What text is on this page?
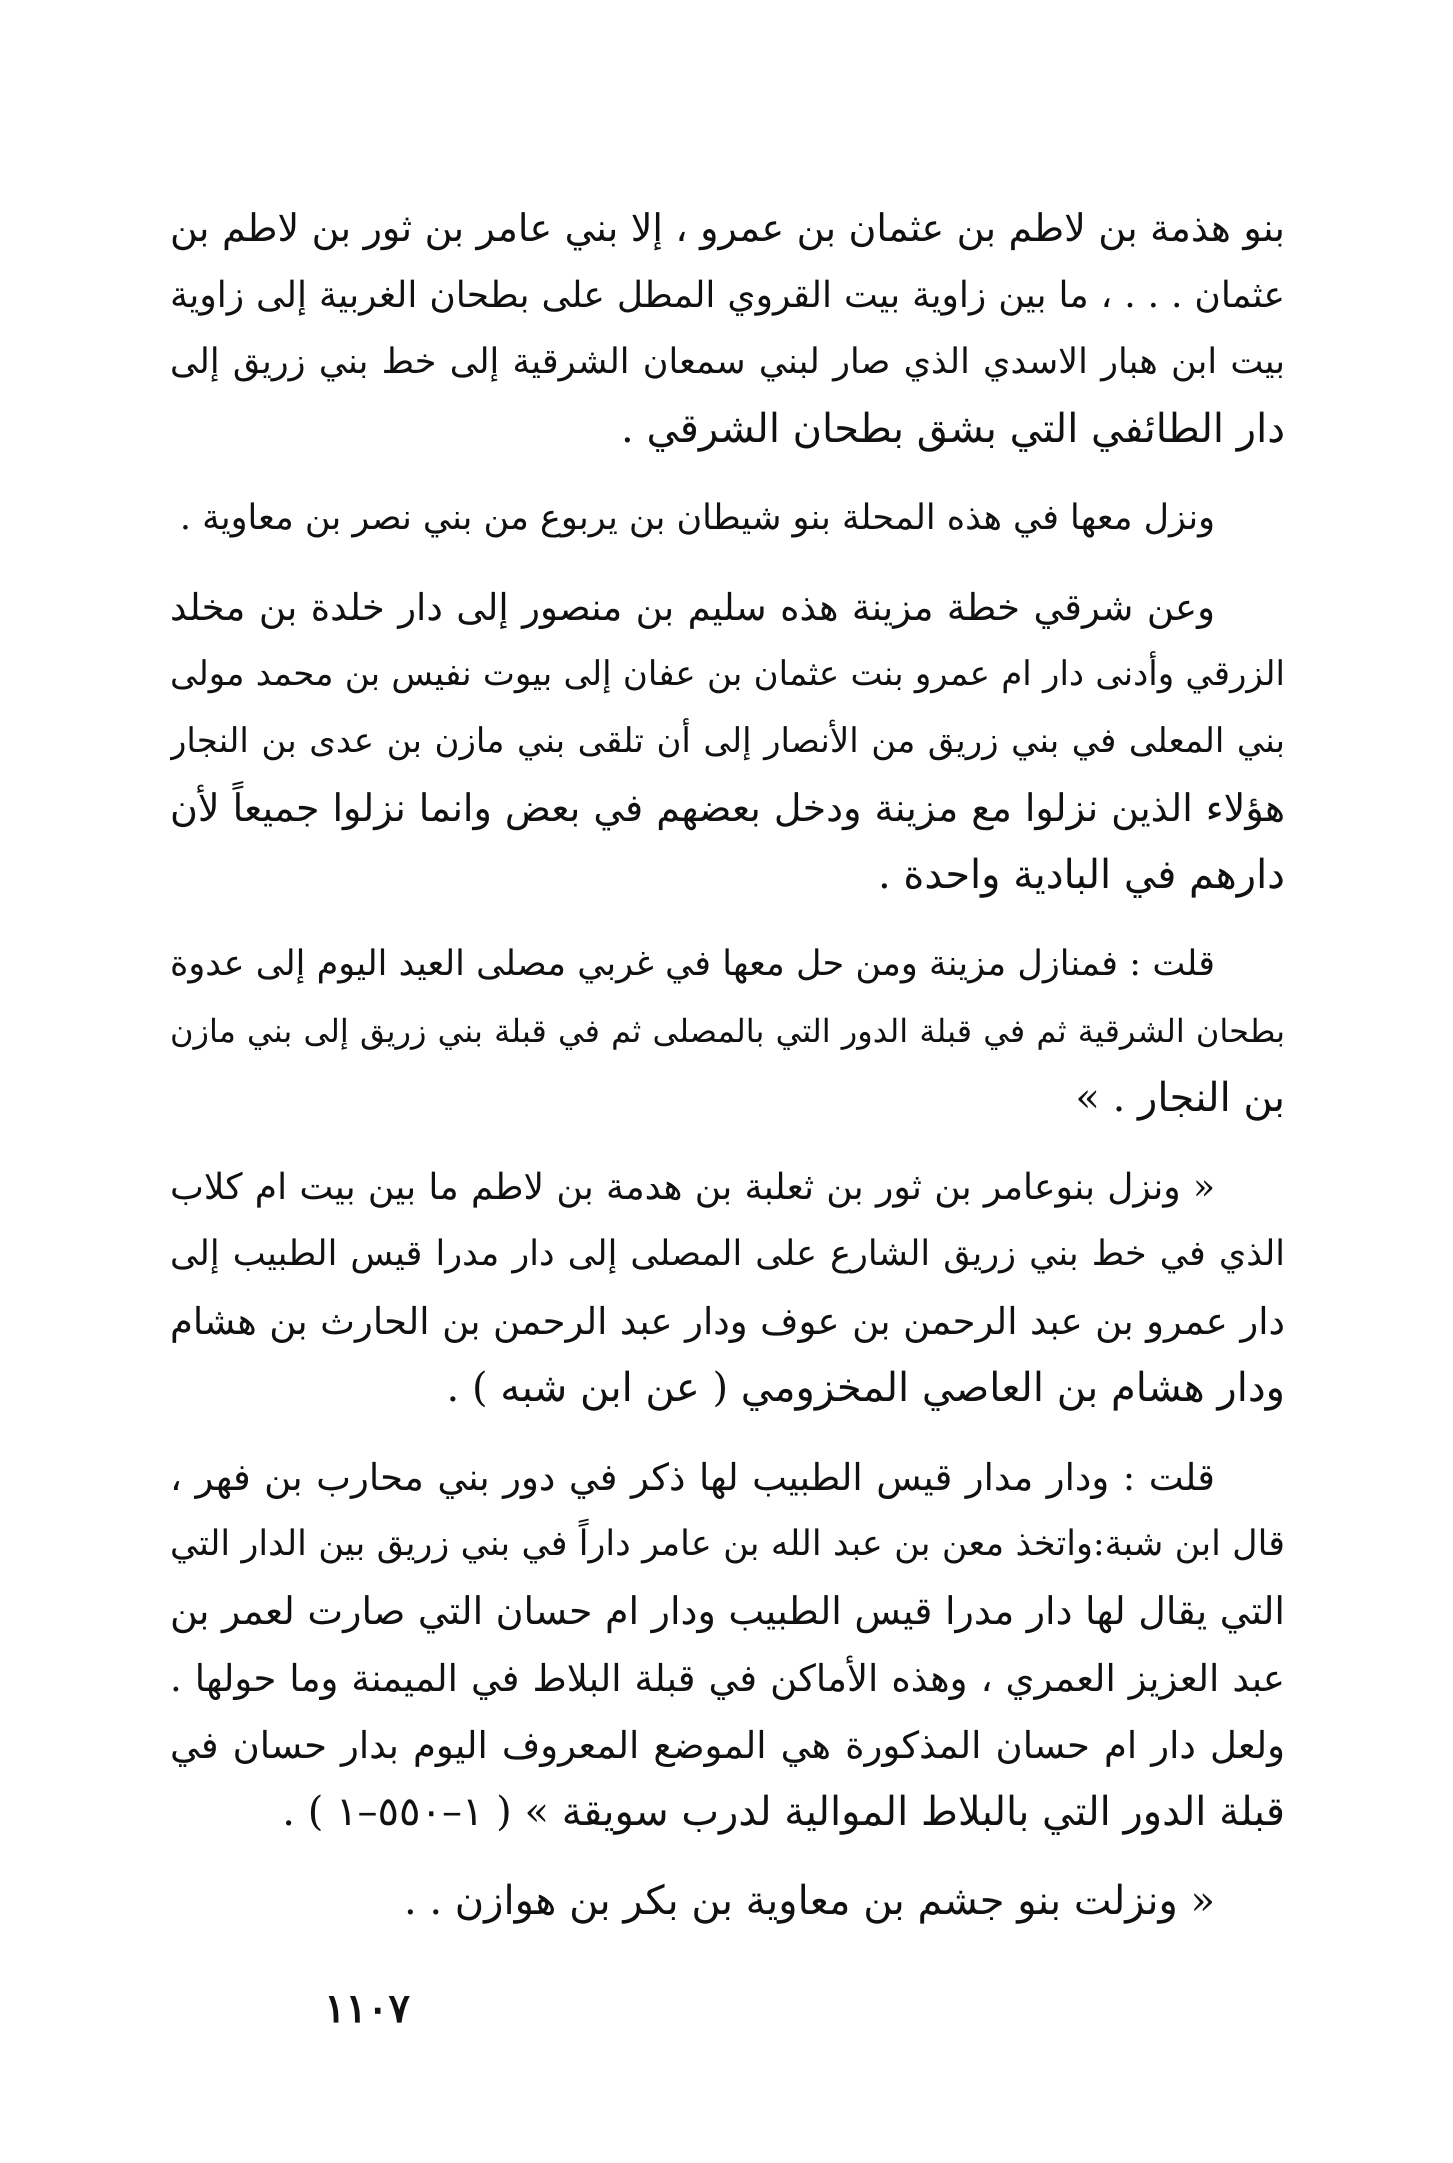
بنو هذمة بن لاطم بن عثمان بن عمرو ، إلا بني عامر بن ثور بن لاطم بن
عثمان . . . ، ما بين زاوية بيت القروي المطل على بطحان الغربية إلى زاوية
بيت ابن هبار الاسدي الذي صار لبني سمعان الشرقية إلى خط بني زريق إلى
دار الطائفي التي بشق بطحان الشرقي .
ونزل معها في هذه المحلة بنو شيطان بن يربوع من بني نصر بن معاوية .
وعن شرقي خطة مزينة هذه سليم بن منصور إلى دار خلدة بن مخلد
الزرقي وأدنى دار ام عمرو بنت عثمان بن عفان إلى بيوت نفيس بن محمد مولى
بني المعلى في بني زريق من الأنصار إلى أن تلقى بني مازن بن عدى بن النجار
هؤلاء الذين نزلوا مع مزينة ودخل بعضهم في بعض وانما نزلوا جميعاً لأن
دارهم في البادية واحدة .
قلت : فمنازل مزينة ومن حل معها في غربي مصلى العيد اليوم إلى عدوة
بطحان الشرقية ثم في قبلة الدور التي بالمصلى ثم في قبلة بني زريق إلى بني مازن
بن النجار . »
« ونزل بنوعامر بن ثور بن ثعلبة بن هدمة بن لاطم ما بين بيت ام كلاب
الذي في خط بني زريق الشارع على المصلى إلى دار مدرا قيس الطبيب إلى
دار عمرو بن عبد الرحمن بن عوف ودار عبد الرحمن بن الحارث بن هشام
ودار هشام بن العاصي المخزومي ( عن ابن شبه ) .
قلت : ودار مدار قيس الطبيب لها ذكر في دور بني محارب بن فهر ،
قال ابن شبة:واتخذ معن بن عبد الله بن عامر داراً في بني زريق بين الدار التي
التي يقال لها دار مدرا قيس الطبيب ودار ام حسان التي صارت لعمر بن
عبد العزيز العمري ، وهذه الأماكن في قبلة البلاط في الميمنة وما حولها .
ولعل دار ام حسان المذكورة هي الموضع المعروف اليوم بدار حسان في
قبلة الدور التي بالبلاط الموالية لدرب سويقة » ( ١–٥٥٠–١ ) .
« ونزلت بنو جشم بن معاوية بن بكر بن هوازن . .
١١٠٧
